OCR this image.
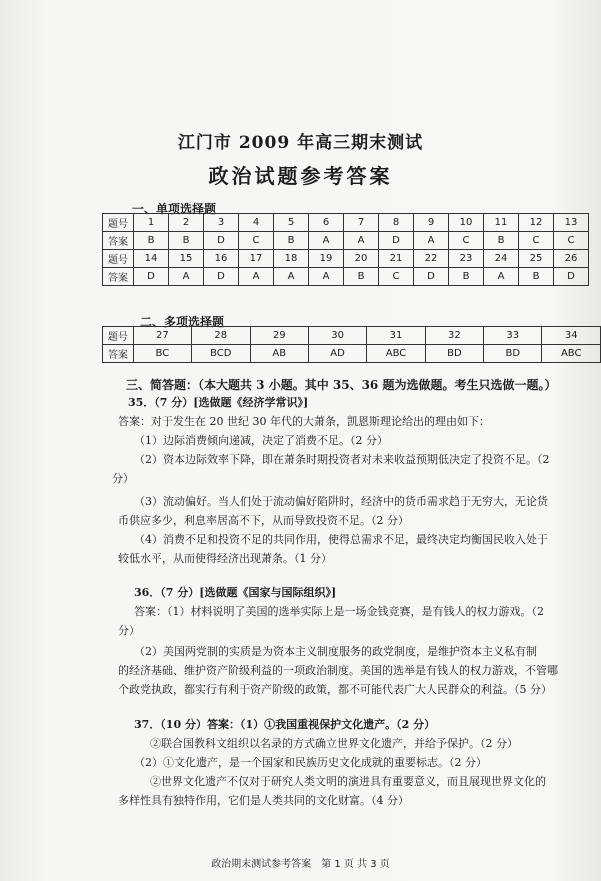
江门市 2009 年高三期末测试
政治试题参考答案
一、单项选择题
题号	1	2	3	4	5	6	7	8	9	10	11	12	13
答案	B	B	D	C	B	A	A	D	A	C	B	C	C
题号	14	15	16	17	18	19	20	21	22	23	24	25	26
答案	D	A	D	A	A	A	B	C	D	B	A	B	D
二、多项选择题
题号	27	28	29	30	31	32	33	34
答案	BC	BCD	AB	AD	ABC	BD	BD	ABC
三、简答题：（本大题共 3 小题。其中 35、36 题为选做题。考生只选做一题。）
35．（7 分）[选做题《经济学常识》]
答案：对于发生在 20 世纪 30 年代的大萧条，凯恩斯理论给出的理由如下：
（1）边际消费倾向递减，决定了消费不足。（2 分）
（2）资本边际效率下降，即在萧条时期投资者对未来收益预期低决定了投资不足。（2
分）
（3）流动偏好。当人们处于流动偏好陷阱时，经济中的货币需求趋于无穷大，无论货
币供应多少，利息率居高不下，从而导致投资不足。（2 分）
（4）消费不足和投资不足的共同作用，使得总需求不足，最终决定均衡国民收入处于
较低水平，从而使得经济出现萧条。（1 分）
36．（7 分）[选做题《国家与国际组织》]
答案：（1）材料说明了美国的选举实际上是一场金钱竞赛，是有钱人的权力游戏。（2
分）
（2）美国两党制的实质是为资本主义制度服务的政党制度，是维护资本主义私有制
的经济基础、维护资产阶级利益的一项政治制度。美国的选举是有钱人的权力游戏，不管哪
个政党执政，都实行有利于资产阶级的政策，都不可能代表广大人民群众的利益。（5 分）
37．（10 分）答案：（1）①我国重视保护文化遗产。（2 分）
②联合国教科文组织以名录的方式确立世界文化遗产，并给予保护。（2 分）
（2）①文化遗产，是一个国家和民族历史文化成就的重要标志。（2 分）
②世界文化遗产不仅对于研究人类文明的演进具有重要意义，而且展现世界文化的
多样性具有独特作用，它们是人类共同的文化财富。（4 分）
政治期末测试参考答案　第 1 页 共 3 页
